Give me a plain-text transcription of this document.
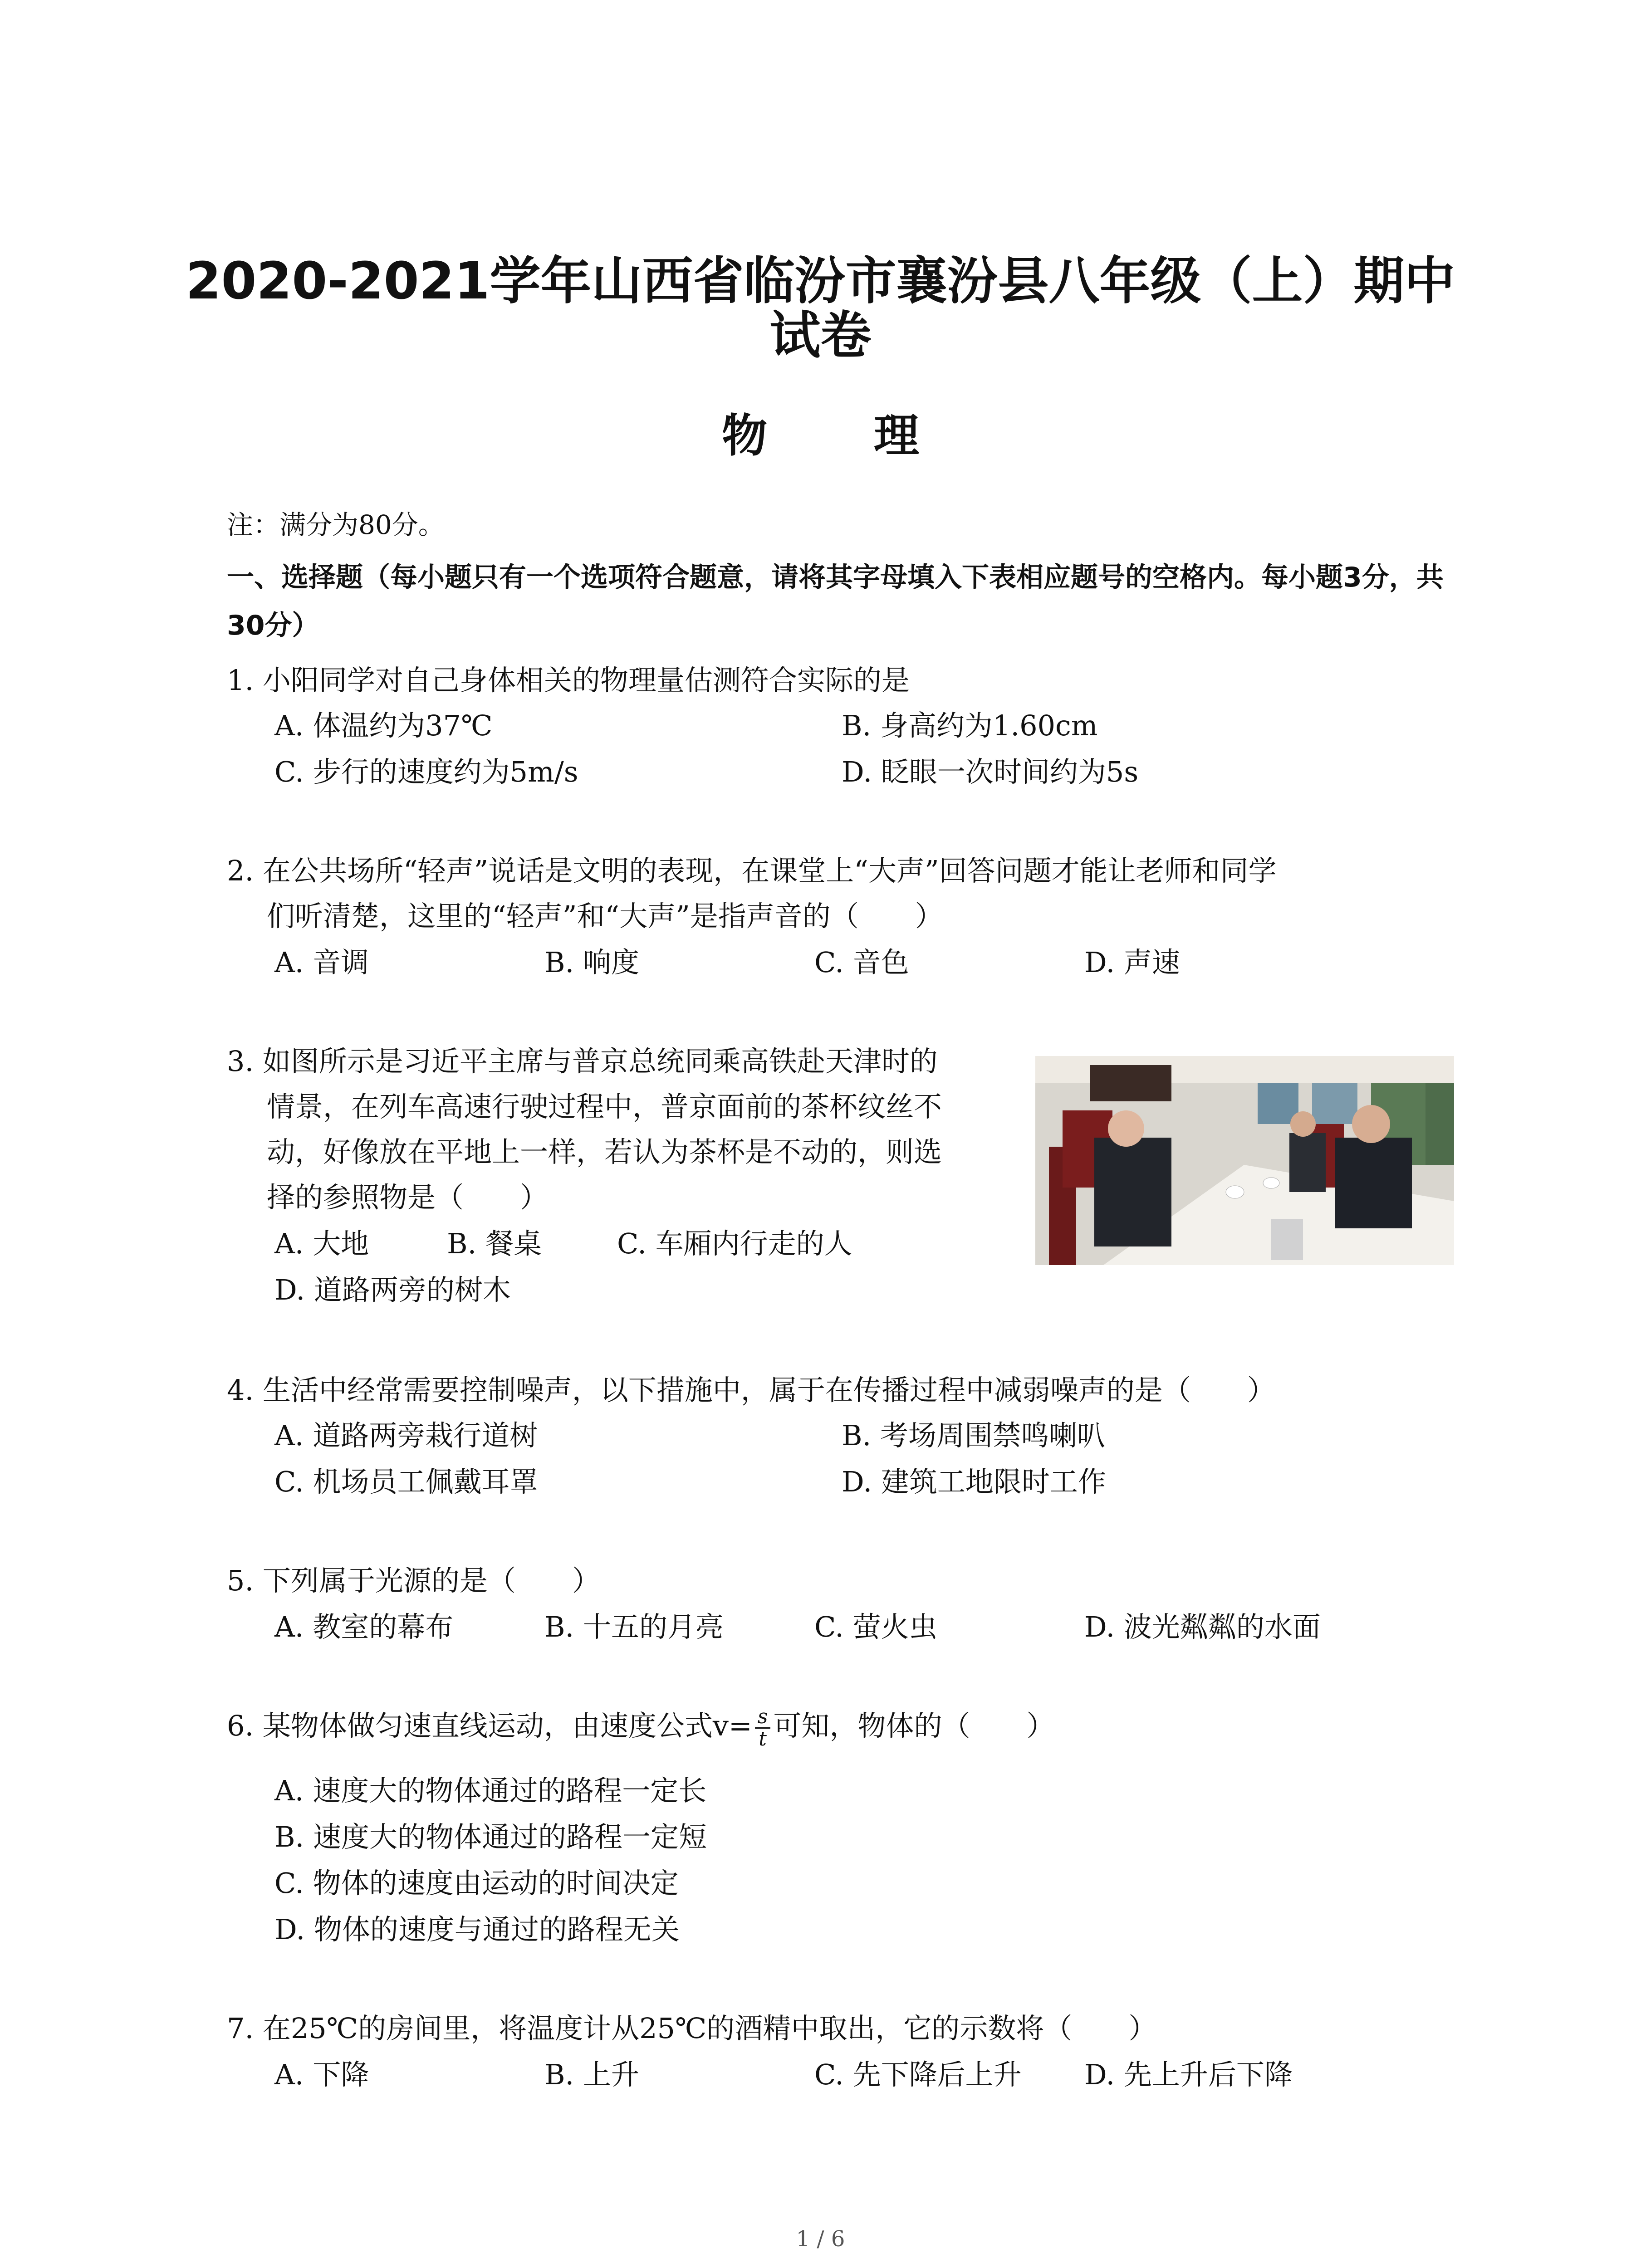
2020-2021学年山西省临汾市襄汾县八年级（上）期中
试卷
物 理
注：满分为80分。
一、选择题（每小题只有一个选项符合题意，请将其字母填入下表相应题号的空格内。每小题3分，共30分）
1. 小阳同学对自己身体相关的物理量估测符合实际的是
A. 体温约为37℃	B. 身高约为1.60cm
C. 步行的速度约为5m/s	D. 眨眼一次时间约为5s
2. 在公共场所“轻声”说话是文明的表现，在课堂上“大声”回答问题才能让老师和同学
们听清楚，这里的“轻声”和“大声”是指声音的（　　）
A. 音调	B. 响度	C. 音色	D. 声速
3. 如图所示是习近平主席与普京总统同乘高铁赴天津时的
情景，在列车高速行驶过程中，普京面前的茶杯纹丝不
动，好像放在平地上一样，若认为茶杯是不动的，则选
择的参照物是（　　）
A. 大地	B. 餐桌	C. 车厢内行走的人
D. 道路两旁的树木
4. 生活中经常需要控制噪声，以下措施中，属于在传播过程中减弱噪声的是（　　）
A. 道路两旁栽行道树	B. 考场周围禁鸣喇叭
C. 机场员工佩戴耳罩	D. 建筑工地限时工作
5. 下列属于光源的是（　　）
A. 教室的幕布	B. 十五的月亮	C. 萤火虫	D. 波光粼粼的水面
6. 某物体做匀速直线运动，由速度公式$v= \frac{s}{t}$ 可知，物体的（　　）
A. 速度大的物体通过的路程一定长
B. 速度大的物体通过的路程一定短
C. 物体的速度由运动的时间决定
D. 物体的速度与通过的路程无关
7. 在25℃的房间里，将温度计从25℃的酒精中取出，它的示数将（　　）
A. 下降	B. 上升	C. 先下降后上升 D. 先上升后下降
1 / 6
